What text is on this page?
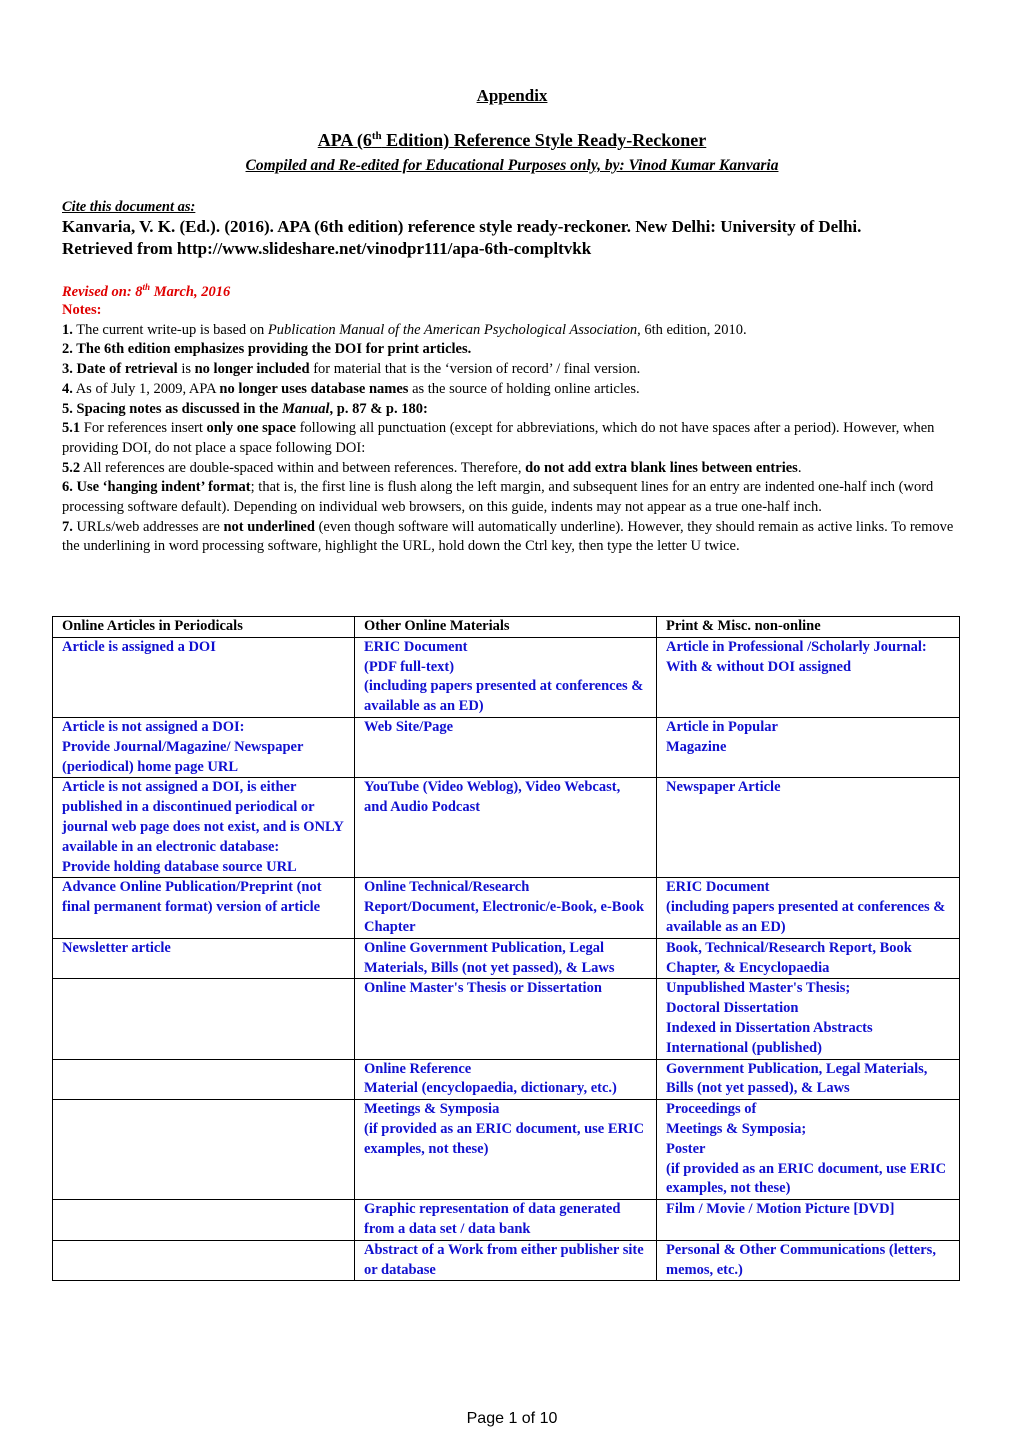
Appendix
APA (6th Edition) Reference Style Ready-Reckoner
Compiled and Re-edited for Educational Purposes only, by: Vinod Kumar Kanvaria
Cite this document as:
Kanvaria, V. K. (Ed.). (2016). APA (6th edition) reference style ready-reckoner. New Delhi: University of Delhi.
Retrieved from http://www.slideshare.net/vinodpr111/apa-6th-compltvkk
Revised on: 8th March, 2016

Notes:

1. The current write-up is based on Publication Manual of the American Psychological Association, 6th edition, 2010.

2. The 6th edition emphasizes providing the DOI for print articles.

3. Date of retrieval is no longer included for material that is the ‘version of record’ / final version.

4. As of July 1, 2009, APA no longer uses database names as the source of holding online articles.

5. Spacing notes as discussed in the Manual, p. 87 & p. 180:

5.1 For references insert only one space following all punctuation (except for abbreviations, which do not have spaces after a period). However, when providing DOI, do not place a space following DOI:

5.2 All references are double-spaced within and between references. Therefore, do not add extra blank lines between entries.

6. Use ‘hanging indent’ format; that is, the first line is flush along the left margin, and subsequent lines for an entry are indented one-half inch (word processing software default). Depending on individual web browsers, on this guide, indents may not appear as a true one-half inch.

7. URLs/web addresses are not underlined (even though software will automatically underline). However, they should remain as active links. To remove the underlining in word processing software, highlight the URL, hold down the Ctrl key, then type the letter U twice.

Online Articles in Periodicals	Other Online Materials	Print & Misc. non-online
Article is assigned a DOI	ERIC Document
(PDF full-text)
(including papers presented at conferences & available as an ED)	Article in Professional /Scholarly Journal: With & without DOI assigned
Article is not assigned a DOI:
Provide Journal/Magazine/ Newspaper (periodical) home page URL	Web Site/Page	Article in Popular
Magazine
Article is not assigned a DOI, is either published in a discontinued periodical or journal web page does not exist, and is ONLY available in an electronic database:
Provide holding database source URL	YouTube (Video Weblog), Video Webcast, and Audio Podcast	Newspaper Article
Advance Online Publication/Preprint (not final permanent format) version of article	Online Technical/Research Report/Document, Electronic/e-Book, e-Book Chapter	ERIC Document
(including papers presented at conferences & available as an ED)
Newsletter article	Online Government Publication, Legal Materials, Bills (not yet passed), & Laws	Book, Technical/Research Report, Book Chapter, & Encyclopaedia
	Online Master's Thesis or Dissertation	Unpublished Master's Thesis;
Doctoral Dissertation
Indexed in Dissertation Abstracts International (published)
	Online Reference
Material (encyclopaedia, dictionary, etc.)	Government Publication, Legal Materials, Bills (not yet passed), & Laws
	Meetings & Symposia
(if provided as an ERIC document, use ERIC examples, not these)	Proceedings of
Meetings & Symposia;
Poster
(if provided as an ERIC document, use ERIC examples, not these)
	Graphic representation of data generated from a data set / data bank	Film / Movie / Motion Picture [DVD]
	Abstract of a Work from either publisher site or database	Personal & Other Communications (letters, memos, etc.)
Page 1 of 10
